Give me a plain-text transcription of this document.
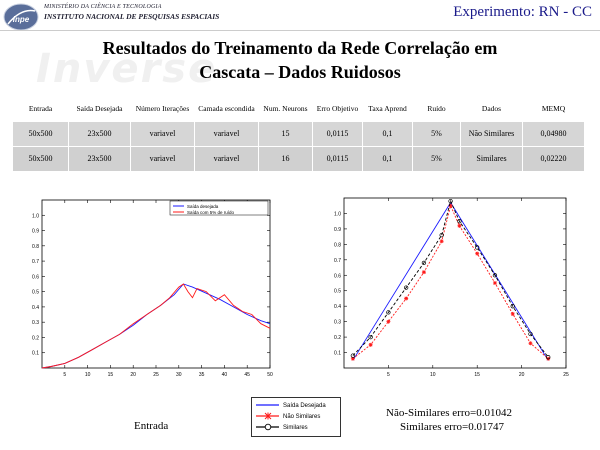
inpe
MINISTÉRIO DA CIÊNCIA E TECNOLOGIA
INSTITUTO NACIONAL DE PESQUISAS ESPACIAIS	Experimento: RN - CC
Inverse
Resultados do Treinamento da Rede Correlação em
Cascata – Dados Ruidosos
Entrada	Saída Desejada	Número Iterações	Camada escondida	Num. Neurons	Erro Objetivo	Taxa Aprend	Ruído	Dados	MEMQ
50x500	23x500	variavel	variavel	15	0,0115	0,1	5%	Não Similares	0,04980
50x500	23x500	variavel	variavel	16	0,0115	0,1	5%	Similares	0,02220
0.1
0.2
0.3
0.4
0.5
0.6
0.7
0.8
0.9
1.0
5	10	15	20	25	30	35	40	45	50
Saída desejada
Saída com 5% de ruído
0.1
0.2
0.3
0.4
0.5
0.6
0.7
0.8
0.9
1.0
5	10	15	20	25
Saída Desejada
Não Similares
Similares
Entrada
Não-Similares erro=0.01042
Similares erro=0.01747
